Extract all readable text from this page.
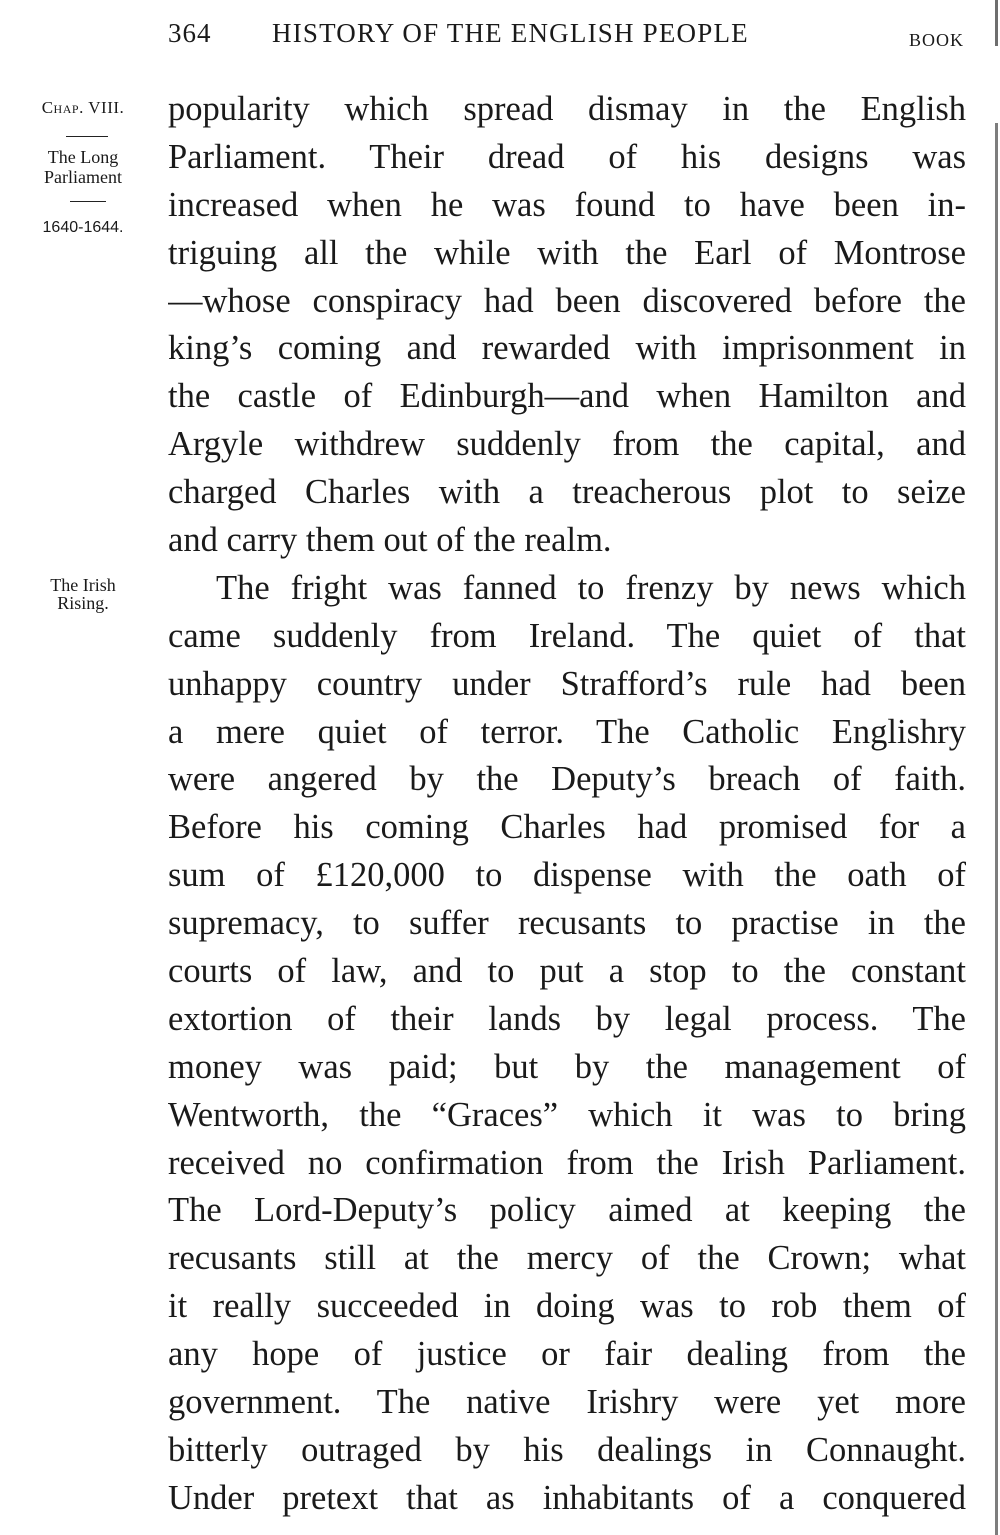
364 HISTORY OF THE ENGLISH PEOPLE	BOOK
Chap. VIII.
The Long
Parliament
1640-1644.
The Irish
Rising.
popularity which spread dismay in the English
Parliament. Their dread of his designs was
increased when he was found to have been in-
triguing all the while with the Earl of Montrose
—whose conspiracy had been discovered before the
king’s coming and rewarded with imprisonment in
the castle of Edinburgh—and when Hamilton and
Argyle withdrew suddenly from the capital, and
charged Charles with a treacherous plot to seize
and carry them out of the realm.
The fright was fanned to frenzy by news which
came suddenly from Ireland. The quiet of that
unhappy country under Strafford’s rule had been
a mere quiet of terror. The Catholic Englishry
were angered by the Deputy’s breach of faith.
Before his coming Charles had promised for a
sum of £120,000 to dispense with the oath of
supremacy, to suffer recusants to practise in the
courts of law, and to put a stop to the constant
extortion of their lands by legal process. The
money was paid; but by the management of
Wentworth, the “Graces” which it was to bring
received no confirmation from the Irish Parliament.
The Lord-Deputy’s policy aimed at keeping the
recusants still at the mercy of the Crown; what
it really succeeded in doing was to rob them of
any hope of justice or fair dealing from the
government. The native Irishry were yet more
bitterly outraged by his dealings in Connaught.
Under pretext that as inhabitants of a conquered
